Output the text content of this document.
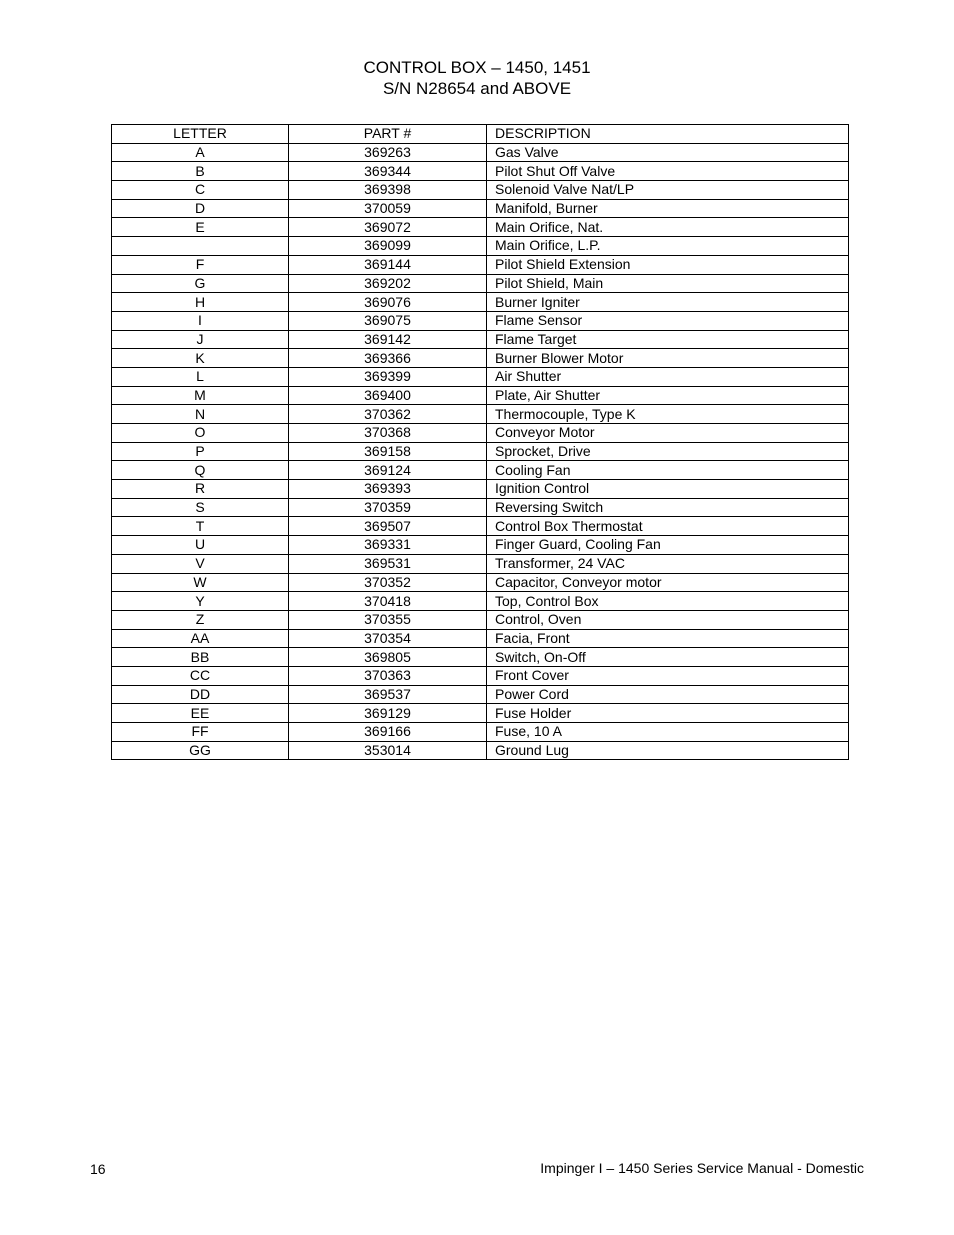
CONTROL BOX – 1450, 1451
S/N N28654 and ABOVE
LETTER	PART #	DESCRIPTION
A	369263	Gas Valve
B	369344	Pilot Shut Off Valve
C	369398	Solenoid Valve Nat/LP
D	370059	Manifold, Burner
E	369072	Main Orifice, Nat.
	369099	Main Orifice, L.P.
F	369144	Pilot Shield Extension
G	369202	Pilot Shield, Main
H	369076	Burner Igniter
I	369075	Flame Sensor
J	369142	Flame Target
K	369366	Burner Blower Motor
L	369399	Air Shutter
M	369400	Plate, Air Shutter
N	370362	Thermocouple, Type K
O	370368	Conveyor Motor
P	369158	Sprocket, Drive
Q	369124	Cooling Fan
R	369393	Ignition Control
S	370359	Reversing Switch
T	369507	Control Box Thermostat
U	369331	Finger Guard, Cooling Fan
V	369531	Transformer, 24 VAC
W	370352	Capacitor, Conveyor motor
Y	370418	Top, Control Box
Z	370355	Control, Oven
AA	370354	Facia, Front
BB	369805	Switch, On-Off
CC	370363	Front Cover
DD	369537	Power Cord
EE	369129	Fuse Holder
FF	369166	Fuse, 10 A
GG	353014	Ground Lug
16	Impinger I – 1450 Series Service Manual - Domestic
